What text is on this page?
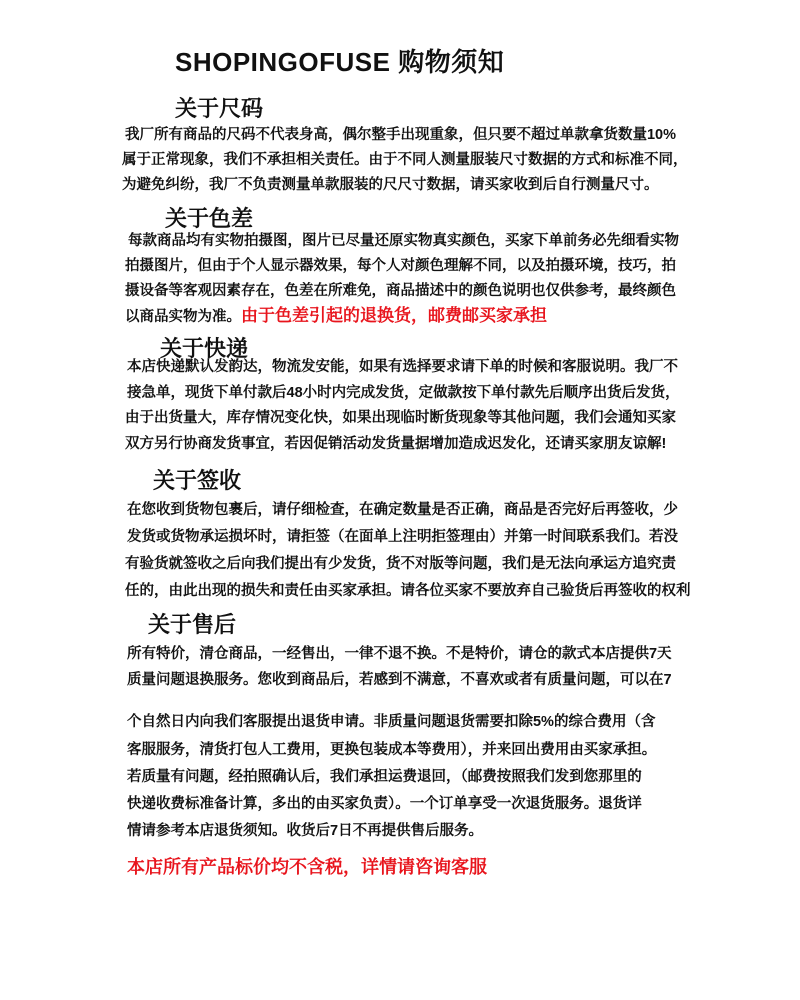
SHOPINGOFUSE 购物须知
关于尺码
我厂所有商品的尺码不代表身高，偶尔整手出现重象，但只要不超过单款拿货数量10%
属于正常现象，我们不承担相关责任。由于不同人测量服装尺寸数据的方式和标准不同，
为避免纠纷，我厂不负责测量单款服装的尺尺寸数据，请买家收到后自行测量尺寸。
关于色差
每款商品均有实物拍摄图，图片已尽量还原实物真实颜色，买家下单前务必先细看实物
拍摄图片，但由于个人显示器效果，每个人对颜色理解不同，以及拍摄环境，技巧，拍
摄设备等客观因素存在，色差在所难免，商品描述中的颜色说明也仅供参考，最终颜色
以商品实物为准。由于色差引起的退换货，邮费邮买家承担
关于快递
本店快递默认发韵达，物流发安能，如果有选择要求请下单的时候和客服说明。我厂不
接急单，现货下单付款后48小时内完成发货，定做款按下单付款先后顺序出货后发货，
由于出货量大，库存情况变化快，如果出现临时断货现象等其他问题，我们会通知买家
双方另行协商发货事宜，若因促销活动发货量据增加造成迟发化，还请买家朋友谅解!
关于签收
在您收到货物包裹后，请仔细检查，在确定数量是否正确，商品是否完好后再签收，少
发货或货物承运损坏时，请拒签（在面单上注明拒签理由）并第一时间联系我们。若没
有验货就签收之后向我们提出有少发货，货不对版等问题，我们是无法向承运方追究责
任的，由此出现的损失和责任由买家承担。请各位买家不要放弃自己验货后再签收的权利
关于售后
所有特价，清仓商品，一经售出，一律不退不换。不是特价，请仓的款式本店提供7天
质量问题退换服务。您收到商品后，若感到不满意，不喜欢或者有质量问题，可以在7
个自然日内向我们客服提出退货申请。非质量问题退货需要扣除5%的综合费用（含
客服服务，清货打包人工费用，更换包装成本等费用），并来回出费用由买家承担。
若质量有问题，经拍照确认后，我们承担运费退回，（邮费按照我们发到您那里的
快递收费标准备计算，多出的由买家负责）。一个订单享受一次退货服务。退货详
情请参考本店退货须知。收货后7日不再提供售后服务。
本店所有产品标价均不含税，详情请咨询客服
